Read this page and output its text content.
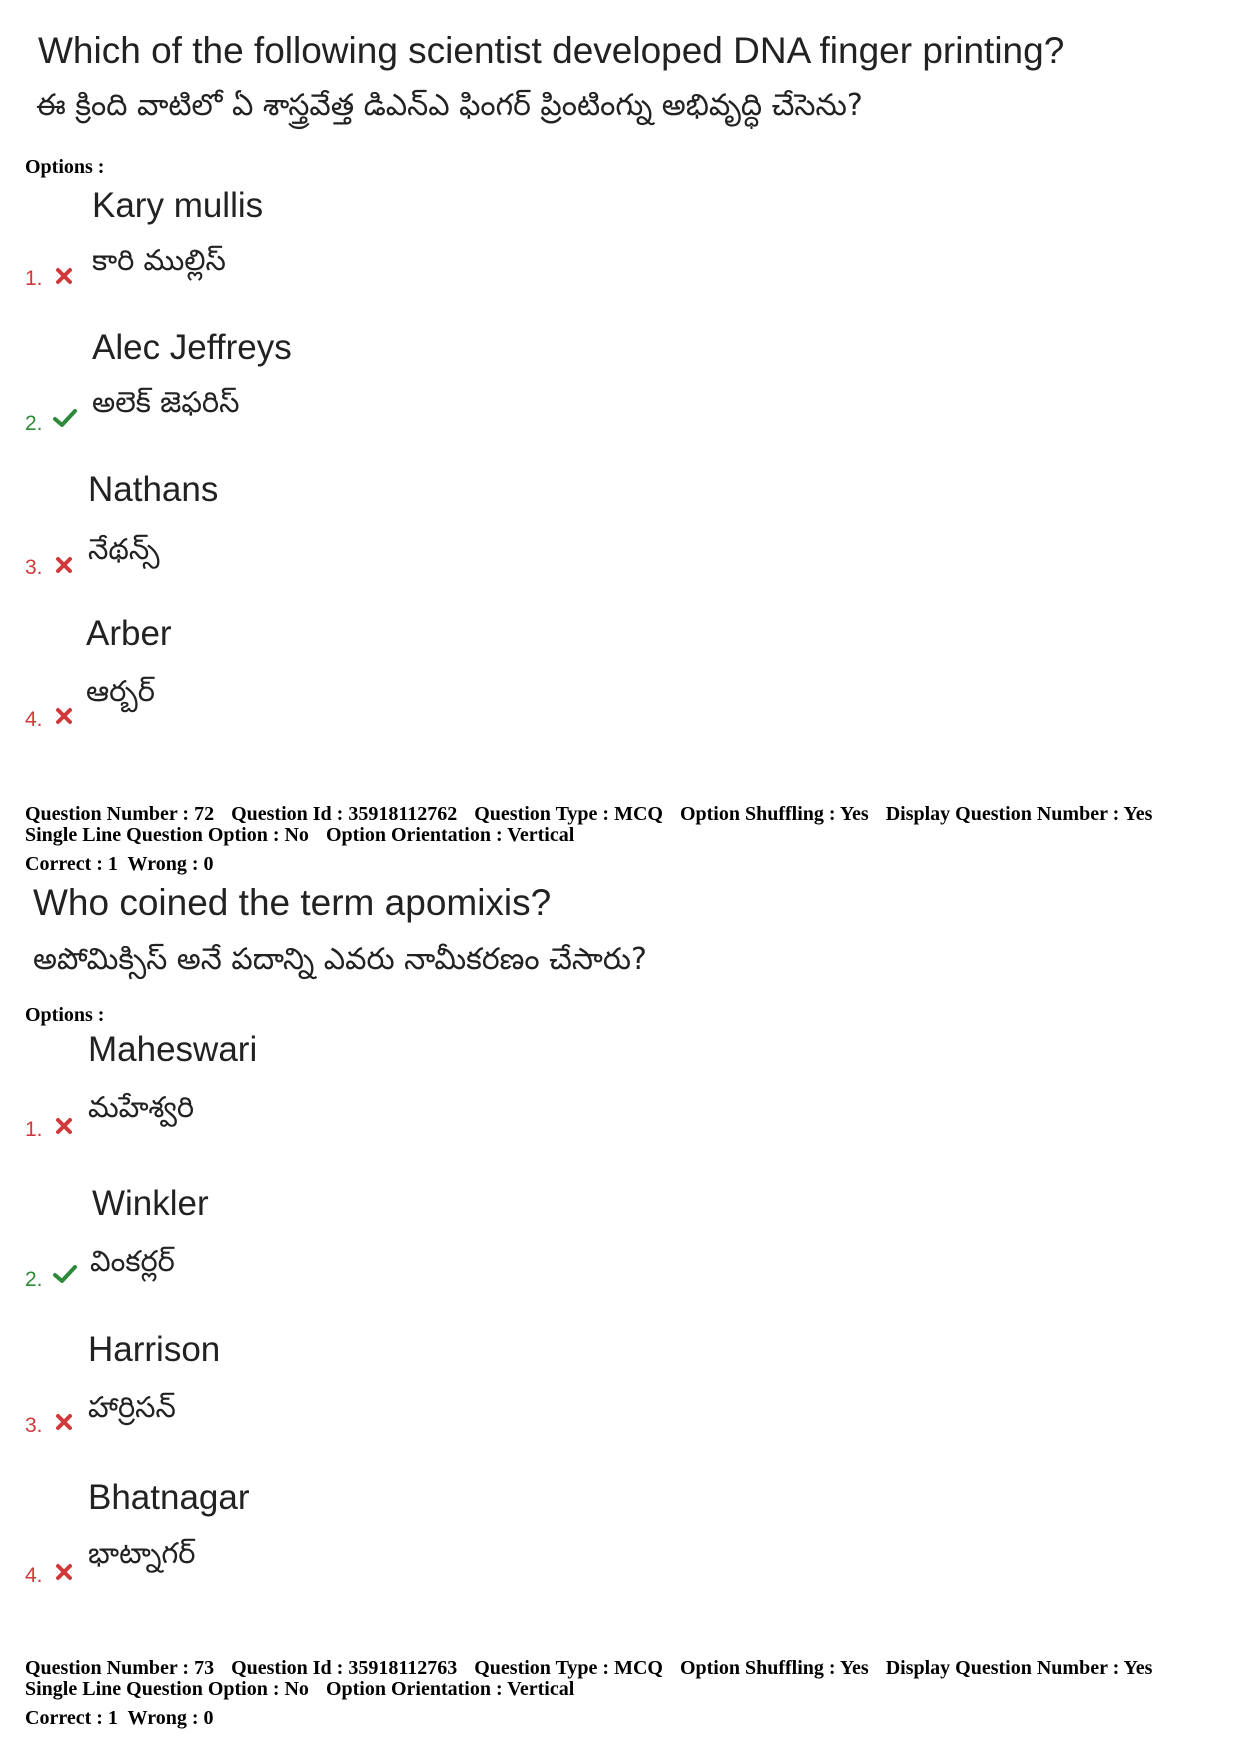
Which of the following scientist developed DNA finger printing?
ఈ క్రింది వాటిలో ఏ శాస్త్రవేత్త డిఎన్ఎ ఫింగర్ ప్రింటింగ్ను అభివృద్ధి చేసెను?
Options :
Kary mullis
కారి ముల్లిస్
1.
Alec Jeffreys
అలెక్ జెఫరిస్
2.
Nathans
నేథన్స్
3.
Arber
ఆర్బర్
4.
Question Number : 72 Question Id : 35918112762 Question Type : MCQ Option Shuffling : Yes Display Question Number : Yes
Single Line Question Option : No Option Orientation : Vertical
Correct : 1  Wrong : 0
Who coined the term apomixis?
అపోమిక్సిస్ అనే పదాన్ని ఎవరు నామీకరణం చేసారు?
Options :
Maheswari
మహేశ్వరి
1.
Winkler
వింకర్లర్
2.
Harrison
హార్రిసన్
3.
Bhatnagar
భాట్నాగర్
4.
Question Number : 73 Question Id : 35918112763 Question Type : MCQ Option Shuffling : Yes Display Question Number : Yes
Single Line Question Option : No Option Orientation : Vertical
Correct : 1  Wrong : 0
